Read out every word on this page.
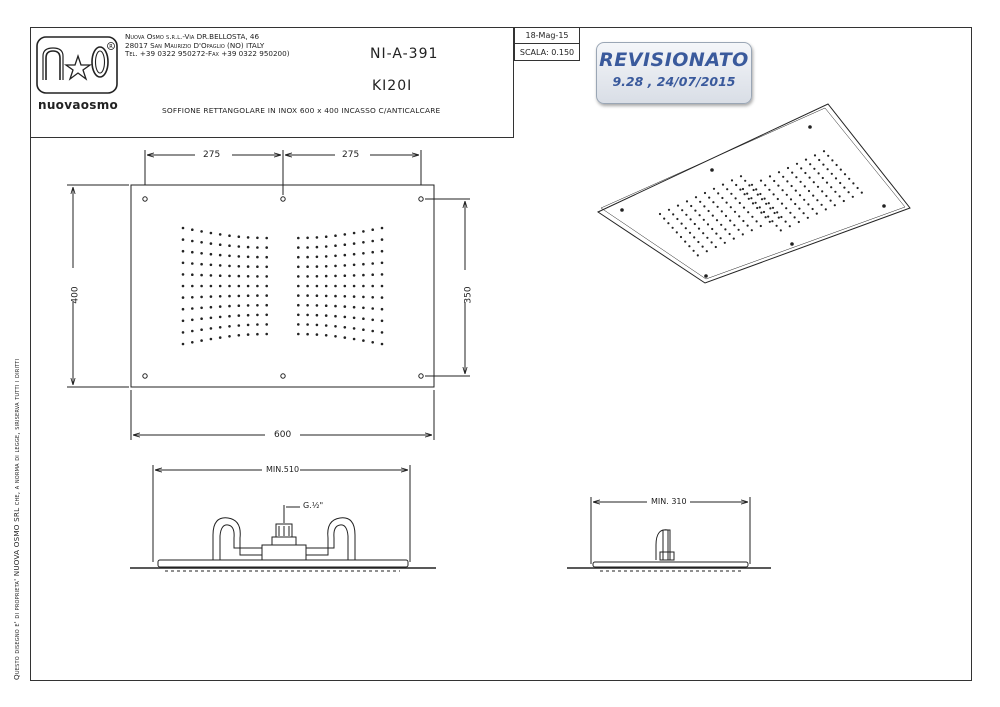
R
nuovaosmo
Nuova Osmo s.r.l.-Via DR.BELLOSTA, 46
28017 San Maurizio D'Opaglio (NO) ITALY
Tel. +39 0322 950272-Fax +39 0322 950200)	NI-A-391
KI20I
SOFFIONE RETTANGOLARE IN INOX 600 x 400 INCASSO C/ANTICALCARE
18-Mag-15
SCALA: 0.150 REVISIONATO
9.28 , 24/07/2015
Questo disegno e' di proprieta' NUOVA OSMO SRL che, a norma di legge, siriserva tutti i diritti
275	275
400	350
600
MIN.510
G.½"	MIN. 310
